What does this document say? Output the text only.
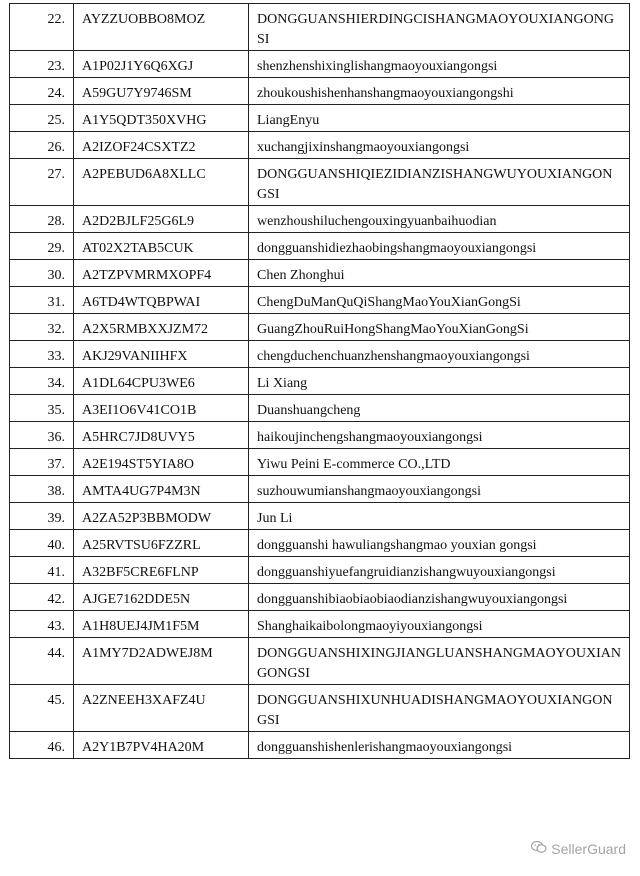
22.	AYZZUOBBO8MOZ	DONGGUANSHIERDINGCISHANGMAOYOUXIANGONGSI
23.	A1P02J1Y6Q6XGJ	shenzhenshixinglishangmaoyouxiangongsi
24.	A59GU7Y9746SM	zhoukoushishenhanshangmaoyouxiangongshi
25.	A1Y5QDT350XVHG	LiangEnyu
26.	A2IZOF24CSXTZ2	xuchangjixinshangmaoyouxiangongsi
27.	A2PEBUD6A8XLLC	DONGGUANSHIQIEZIDIANZISHANGWUYOUXIANGONGSI
28.	A2D2BJLF25G6L9	wenzhoushiluchengouxingyuanbaihuodian
29.	AT02X2TAB5CUK	dongguanshidiezhaobingshangmaoyouxiangongsi
30.	A2TZPVMRMXOPF4	Chen Zhonghui
31.	A6TD4WTQBPWAI	ChengDuManQuQiShangMaoYouXianGongSi
32.	A2X5RMBXXJZM72	GuangZhouRuiHongShangMaoYouXianGongSi
33.	AKJ29VANIIHFX	chengduchenchuanzhenshangmaoyouxiangongsi
34.	A1DL64CPU3WE6	Li Xiang
35.	A3EI1O6V41CO1B	Duanshuangcheng
36.	A5HRC7JD8UVY5	haikoujinchengshangmaoyouxiangongsi
37.	A2E194ST5YIA8O	Yiwu Peini E-commerce CO.,LTD
38.	AMTA4UG7P4M3N	suzhouwumianshangmaoyouxiangongsi
39.	A2ZA52P3BBMODW	Jun Li
40.	A25RVTSU6FZZRL	dongguanshi hawuliangshangmao youxian gongsi
41.	A32BF5CRE6FLNP	dongguanshiyuefangruidianzishangwuyouxiangongsi
42.	AJGE7162DDE5N	dongguanshibiaobiaobiaodianzishangwuyouxiangongsi
43.	A1H8UEJ4JM1F5M	Shanghaikaibolongmaoyiyouxiangongsi
44.	A1MY7D2ADWEJ8M	DONGGUANSHIXINGJIANGLUANSHANGMAOYOUXIANGONGSI
45.	A2ZNEEH3XAFZ4U	DONGGUANSHIXUNHUADISHANGMAOYOUXIANGONGSI
46.	A2Y1B7PV4HA20M	dongguanshishenlerishangmaoyouxiangongsi
SellerGuard
